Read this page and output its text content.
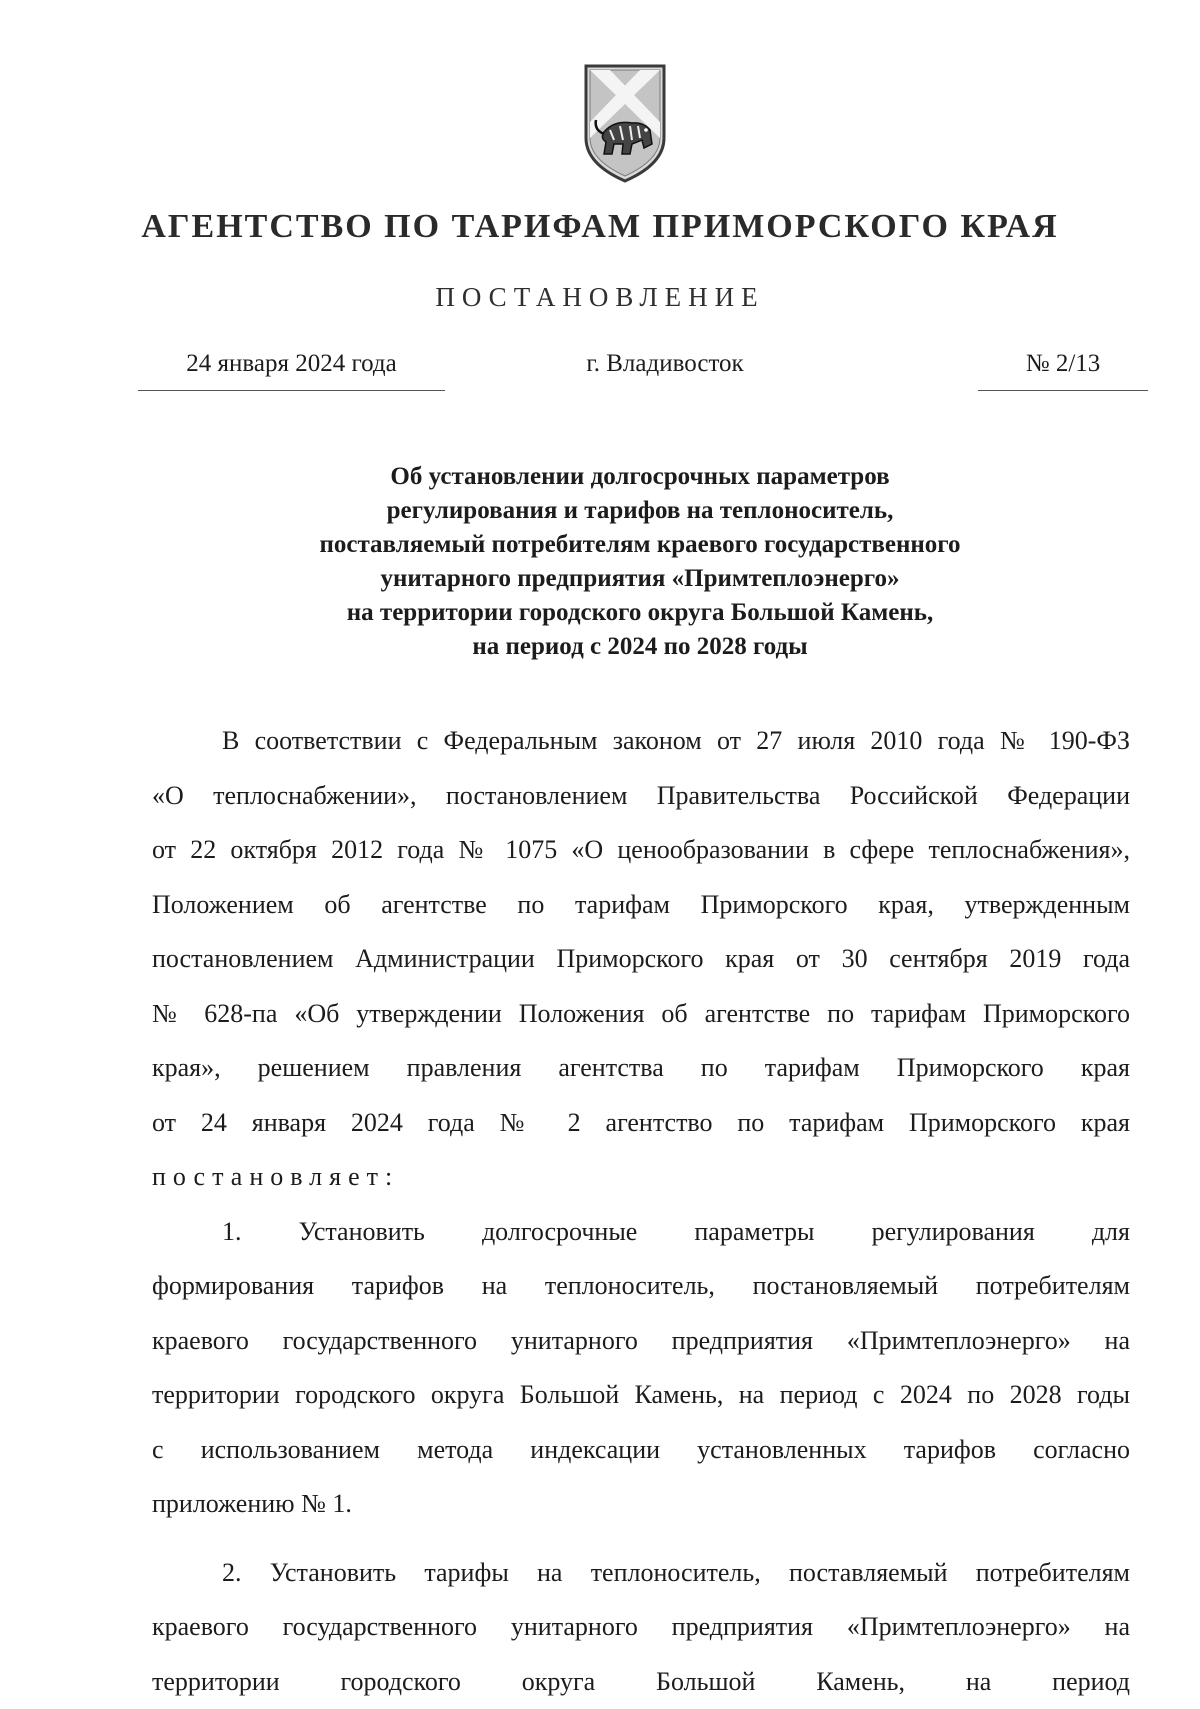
АГЕНТСТВО ПО ТАРИФАМ ПРИМОРСКОГО КРАЯ
ПОСТАНОВЛЕНИЕ
24 января 2024 года	г. Владивосток	№ 2/13
Об установлении долгосрочных параметров
регулирования и тарифов на теплоноситель,
поставляемый потребителям краевого государственного
унитарного предприятия «Примтеплоэнерго»
на территории городского округа Большой Камень,
на период с 2024 по 2028 годы
В соответствии с Федеральным законом от 27 июля 2010 года № 190-ФЗ
«О теплоснабжении», постановлением Правительства Российской Федерации
от 22 октября 2012 года № 1075 «О ценообразовании в сфере теплоснабжения»,
Положением об агентстве по тарифам Приморского края, утвержденным
постановлением Администрации Приморского края от 30 сентября 2019 года
№ 628-па «Об утверждении Положения об агентстве по тарифам Приморского
края», решением правления агентства по тарифам Приморского края
от 24 января 2024 года № 2 агентство по тарифам Приморского края
постановляет:
1. Установить долгосрочные параметры регулирования для
формирования тарифов на теплоноситель, постановляемый потребителям
краевого государственного унитарного предприятия «Примтеплоэнерго» на
территории городского округа Большой Камень, на период с 2024 по 2028 годы
с использованием метода индексации установленных тарифов согласно
приложению № 1.
2. Установить тарифы на теплоноситель, поставляемый потребителям
краевого государственного унитарного предприятия «Примтеплоэнерго» на
территории городского округа Большой Камень, на период
